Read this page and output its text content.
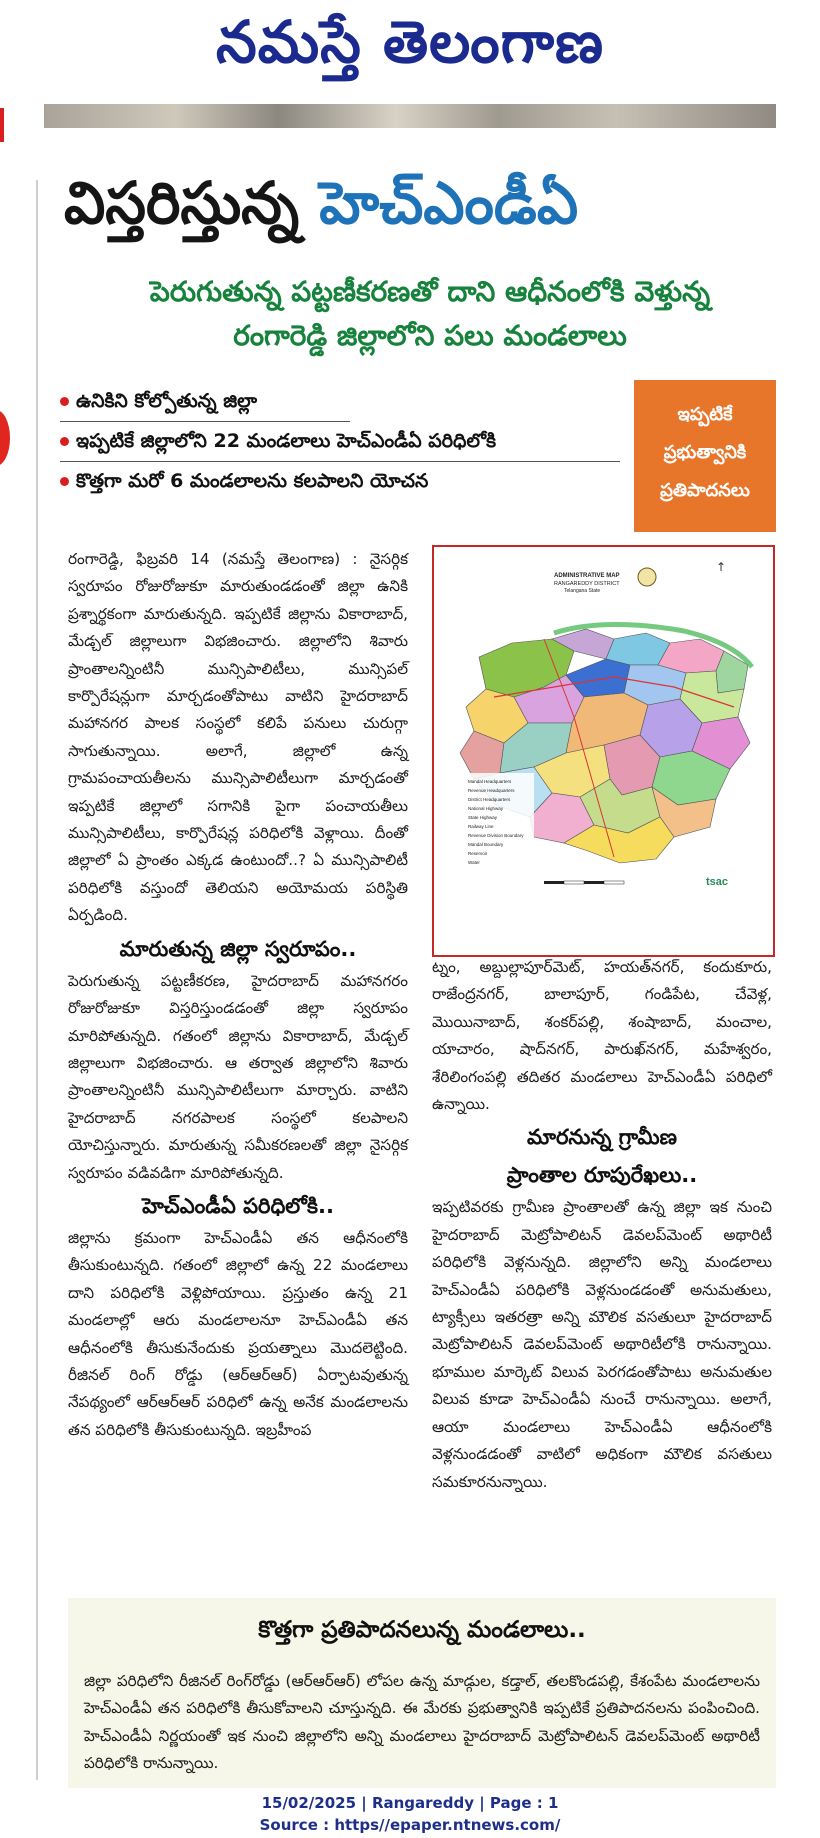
నమస్తే తెలంగాణ
విస్తరిస్తున్న హెచ్‌ఎండీఏ
పెరుగుతున్న పట్టణీకరణతో దాని ఆధీనంలోకి వెళ్తున్న
రంగారెడ్డి జిల్లాలోని పలు మండలాలు
ఉనికిని కోల్పోతున్న జిల్లా
ఇప్పటికే జిల్లాలోని 22 మండలాలు హెచ్‌ఎండీఏ పరిధిలోకి
కొత్తగా మరో 6 మండలాలను కలపాలని యోచన
ఇప్పటికే
ప్రభుత్వానికి
ప్రతిపాదనలు

రంగారెడ్డి, ఫిబ్రవరి 14 (నమస్తే తెలంగాణ) : నైసర్గిక స్వరూపం రోజురోజుకూ మారుతుండడంతో జిల్లా ఉనికి ప్రశ్నార్థకంగా మారుతున్నది. ఇప్పటికే జిల్లాను వికారాబాద్, మేడ్చల్ జిల్లాలుగా విభజించారు. జిల్లాలోని శివారు ప్రాంతాలన్నింటినీ మున్సిపాలిటీలు, మున్సిపల్ కార్పొరేషన్లుగా మార్చడంతోపాటు వాటిని హైదరాబాద్ మహానగర పాలక సంస్థలో కలిపే పనులు చురుగ్గా సాగుతున్నాయి. అలాగే, జిల్లాలో ఉన్న గ్రామపంచాయతీలను మున్సిపాలిటీలుగా మార్చడంతో ఇప్పటికే జిల్లాలో సగానికి పైగా పంచాయతీలు మున్సిపాలిటీలు, కార్పొరేషన్ల పరిధిలోకి వెళ్లాయి. దీంతో జిల్లాలో ఏ ప్రాంతం ఎక్కడ ఉంటుందో..? ఏ మున్సిపాలిటీ పరిధిలోకి వస్తుందో తెలియని అయోమయ పరిస్థితి ఏర్పడింది.

మారుతున్న జిల్లా స్వరూపం..

పెరుగుతున్న పట్టణీకరణ, హైదరాబాద్ మహానగరం రోజురోజుకూ విస్తరిస్తుండడంతో జిల్లా స్వరూపం మారిపోతున్నది. గతంలో జిల్లాను వికారాబాద్, మేడ్చల్ జిల్లాలుగా విభజించారు. ఆ తర్వాత జిల్లాలోని శివారు ప్రాంతాలన్నింటినీ మున్సిపాలిటీలుగా మార్చారు. వాటిని హైదరాబాద్ నగరపాలక సంస్థలో కలపాలని యోచిస్తున్నారు. మారుతున్న సమీకరణలతో జిల్లా నైసర్గిక స్వరూపం వడివడిగా మారిపోతున్నది.

హెచ్‌ఎండీఏ పరిధిలోకి..

జిల్లాను క్రమంగా హెచ్‌ఎండీఏ తన ఆధీనంలోకి తీసుకుంటున్నది. గతంలో జిల్లాలో ఉన్న 22 మండలాలు దాని పరిధిలోకి వెళ్లిపోయాయి. ప్రస్తుతం ఉన్న 21 మండలాల్లో ఆరు మండలాలనూ హెచ్‌ఎండీఏ తన ఆధీనంలోకి తీసుకునేందుకు ప్రయత్నాలు మొదలెట్టింది. రీజినల్ రింగ్ రోడ్డు (ఆర్ఆర్ఆర్) ఏర్పాటవుతున్న నేపథ్యంలో ఆర్ఆర్ఆర్ పరిధిలో ఉన్న అనేక మండలాలను తన పరిధిలోకి తీసుకుంటున్నది. ఇబ్రహీంప

ADMINISTRATIVE MAP
RANGAREDDY DISTRICT
Telangana State
↑
Mandal Headquarters
Revenue Headquarters
District Headquarters
National Highway
State Highway
Railway Line
Revenue Division Boundary
Mandal Boundary
Reservoir
Water
tsac

ట్నం, అబ్దుల్లాపూర్‌మెట్, హయత్‌నగర్, కందుకూరు, రాజేంద్రనగర్, బాలాపూర్, గండిపేట, చేవెళ్ల, మొయినాబాద్, శంకర్‌పల్లి, శంషాబాద్, మంచాల, యాచారం, షాద్‌నగర్, పారుఖ్‌నగర్, మహేశ్వరం, శేరిలింగంపల్లి తదితర మండలాలు హెచ్‌ఎండీఏ పరిధిలో ఉన్నాయి.

మారనున్న గ్రామీణ
ప్రాంతాల రూపురేఖలు..

ఇప్పటివరకు గ్రామీణ ప్రాంతాలతో ఉన్న జిల్లా ఇక నుంచి హైదరాబాద్ మెట్రోపాలిటన్ డెవలప్‌మెంట్ అథారిటీ పరిధిలోకి వెళ్లనున్నది. జిల్లాలోని అన్ని మండలాలు హెచ్‌ఎండీఏ పరిధిలోకి వెళ్లనుండడంతో అనుమతులు, ట్యాక్సీలు ఇతరత్రా అన్ని మౌలిక వసతులూ హైదరాబాద్ మెట్రోపాలిటన్ డెవలప్‌మెంట్ అథారిటీలోకి రానున్నాయి. భూముల మార్కెట్ విలువ పెరగడంతోపాటు అనుమతుల విలువ కూడా హెచ్‌ఎండీఏ నుంచే రానున్నాయి. అలాగే, ఆయా మండలాలు హెచ్‌ఎండీఏ ఆధీనంలోకి వెళ్లనుండడంతో వాటిలో అధికంగా మౌలిక వసతులు సమకూరనున్నాయి.

కొత్తగా ప్రతిపాదనలున్న మండలాలు..

జిల్లా పరిధిలోని రీజినల్ రింగ్‌రోడ్డు (ఆర్ఆర్ఆర్) లోపల ఉన్న మాడ్గుల, కడ్తాల్, తలకొండపల్లి, కేశంపేట మండలాలను హెచ్‌ఎండీఏ తన పరిధిలోకి తీసుకోవాలని చూస్తున్నది. ఈ మేరకు ప్రభుత్వానికి ఇప్పటికే ప్రతిపాదనలను పంపించింది. హెచ్‌ఎండీఏ నిర్ణయంతో ఇక నుంచి జిల్లాలోని అన్ని మండలాలు హైదరాబాద్ మెట్రోపాలిటన్ డెవలప్‌మెంట్ అథారిటీ పరిధిలోకి రానున్నాయి.

15/02/2025 | Rangareddy | Page : 1
Source : https//epaper.ntnews.com/
